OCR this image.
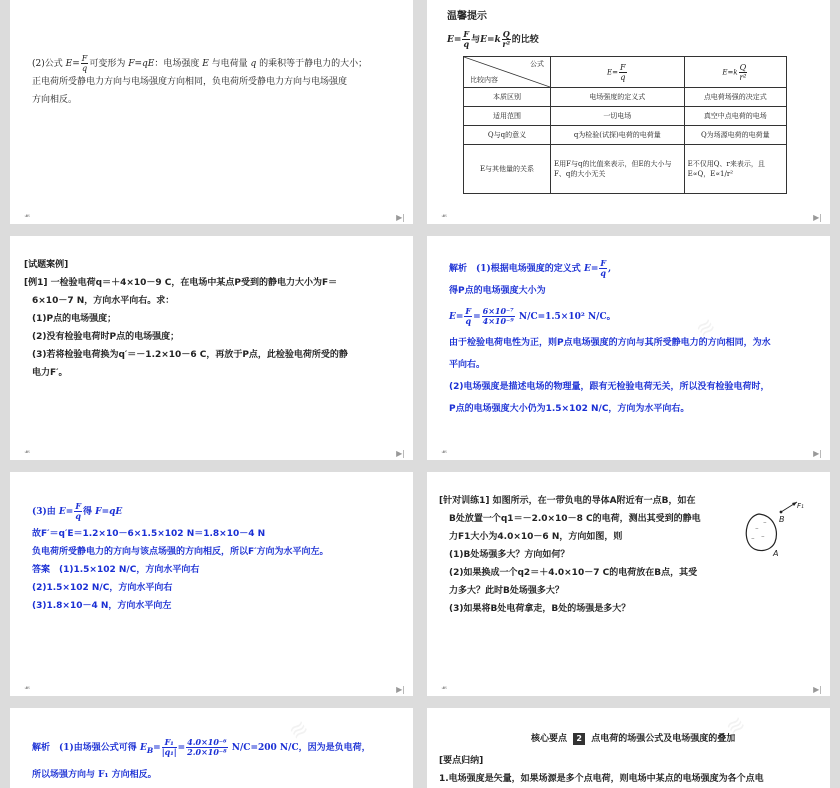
(2)公式 $E= \frac{F}{q}$ 可变形为 F=qE：电场强度 E 与电荷量 q 的乘积等于静电力的大小；
正电荷所受静电力方向与电场强度方向相同，负电荷所受静电力方向与电场强度
方向相反。
☙	▶|
温馨提示
$E= \frac{F}{q}$ 与$E=k \frac{Q}{\text{r²}}$ 的比较
公式
比较内容	$E= \frac{F}{q}$	$E=k \frac{Q}{\text{r²}}$

本质区别	电场强度的定义式	点电荷场强的决定式
适用范围	一切电场	真空中点电荷的电场
Q与q的意义	q为检验(试探)电荷的电荷量	Q为场源电荷的电荷量
E与其他量的关系	E用F与q的比值来表示，但E的大小与F、q的大小无关	E不仅用Q、r来表示，且E∝Q，E∝1/r²
☙	▶|
[试题案例]
[例1] 一检验电荷q＝＋4×10－9 C，在电场中某点P受到的静电力大小为F＝
6×10－7 N，方向水平向右。求：
(1)P点的电场强度；
(2)没有检验电荷时P点的电场强度；
(3)若将检验电荷换为q′＝－1.2×10－6 C，再放于P点，此检验电荷所受的静
电力F′。
☙	▶|
解析　(1)根据电场强度的定义式 $E= \frac{F}{q}$ ,
得P点的电场强度大小为
$E= \frac{F}{q} = \frac{\text{6×10⁻⁷}}{\text{4×10⁻⁹}} N/C=1.5\times 10^2$ N/C。
由于检验电荷电性为正，则P点电场强度的方向与其所受静电力的方向相同，为水
平向右。
(2)电场强度是描述电场的物理量，跟有无检验电荷无关，所以没有检验电荷时，
P点的电场强度大小仍为1.5×102 N/C，方向为水平向右。
≋
☙	▶|
(3)由 $E= \frac{F}{q}$ 得 F=qE
故F′＝q′E＝1.2×10－6×1.5×102 N＝1.8×10－4 N
负电荷所受静电力的方向与该点场强的方向相反，所以F′方向为水平向左。
答案　(1)1.5×102 N/C，方向水平向右
(2)1.5×102 N/C，方向水平向右
(3)1.8×10－4 N，方向水平向左
☙	▶|
[针对训练1] 如图所示，在一带负电的导体A附近有一点B，如在
B处放置一个q1＝－2.0×10－8 C的电荷，测出其受到的静电
力F1大小为4.0×10－6 N，方向如图，则
(1)B处场强多大？方向如何？
(2)如果换成一个q2＝＋4.0×10－7 C的电荷放在B点，其受
力多大？此时B处场强多大？
(3)如果将B处电荷拿走，B处的场强是多大？
⁻
⁻
⁻
⁻
B
F₁
A
☙	▶|
解析　(1)由场强公式可得 $E_B= \frac{\text{F₁}}{\text{|q₁|}} = \frac{\text{4.0×10⁻⁶}}{\text{2.0×10⁻⁸}} N/C=200$ N/C，因为是负电荷，
所以场强方向与 F₁ 方向相反。
≋	核心要点 2 点电荷的场强公式及电场强度的叠加
[要点归纳]
1.电场强度是矢量，如果场源是多个点电荷，则电场中某点的电场强度为各个点电
≋
